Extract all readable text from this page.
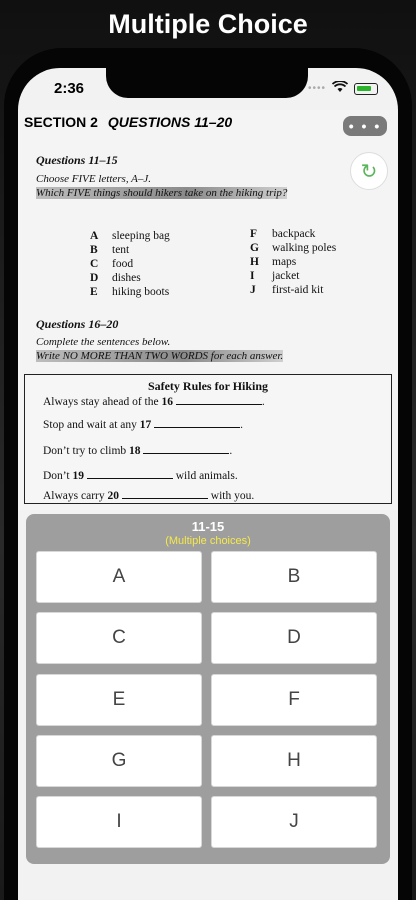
Multiple Choice
2:36	••••
SECTION 2 QUESTIONS 11–20	• • •
↻
Questions 11–15
Choose FIVE letters, A–J.
Which FIVE things should hikers take on the hiking trip?
A sleeping bag
B tent
C food
D dishes
E hiking boots
F backpack
G walking poles
H maps
I jacket
J first-aid kit
Questions 16–20
Complete the sentences below.
Write NO MORE THAN TWO WORDS for each answer.
Safety Rules for Hiking
Always stay ahead of the 16	.
Stop and wait at any 17	.
Don’t try to climb 18	.
Don’t 19	wild animals.
Always carry 20	with you.
11-15
(Multiple choices)
A	B
C	D
E	F
G	H
I	J
